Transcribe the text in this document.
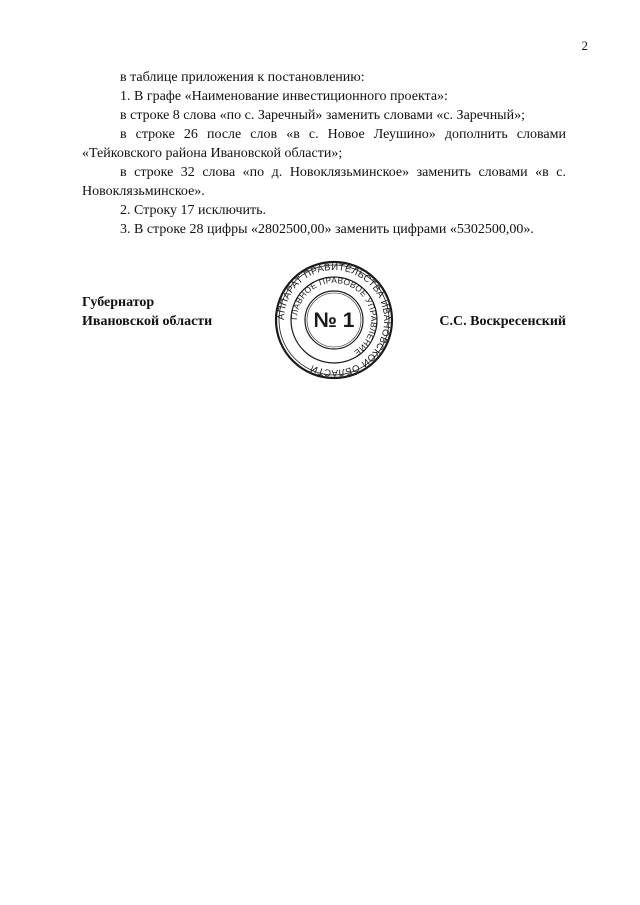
2

в таблице приложения к постановлению:

1. В графе «Наименование инвестиционного проекта»:

в строке 8 слова «по с. Заречный» заменить словами «с. Заречный»;

в строке 26 после слов «в с. Новое Леушино» дополнить словами «Тейковского района Ивановской области»;

в строке 32 слова «по д. Новоклязьминское» заменить словами «в с. Новоклязьминское».

2. Строку 17 исключить.

3. В строке 28 цифры «2802500,00» заменить цифрами «5302500,00».

Губернатор
Ивановской области	АППАРАТ ПРАВИТЕЛЬСТВА ИВАНОВСКОЙ ОБЛАСТИ
ГЛАВНОЕ ПРАВОВОЕ УПРАВЛЕНИЕ
№ 1	С.С. Воскресенский
